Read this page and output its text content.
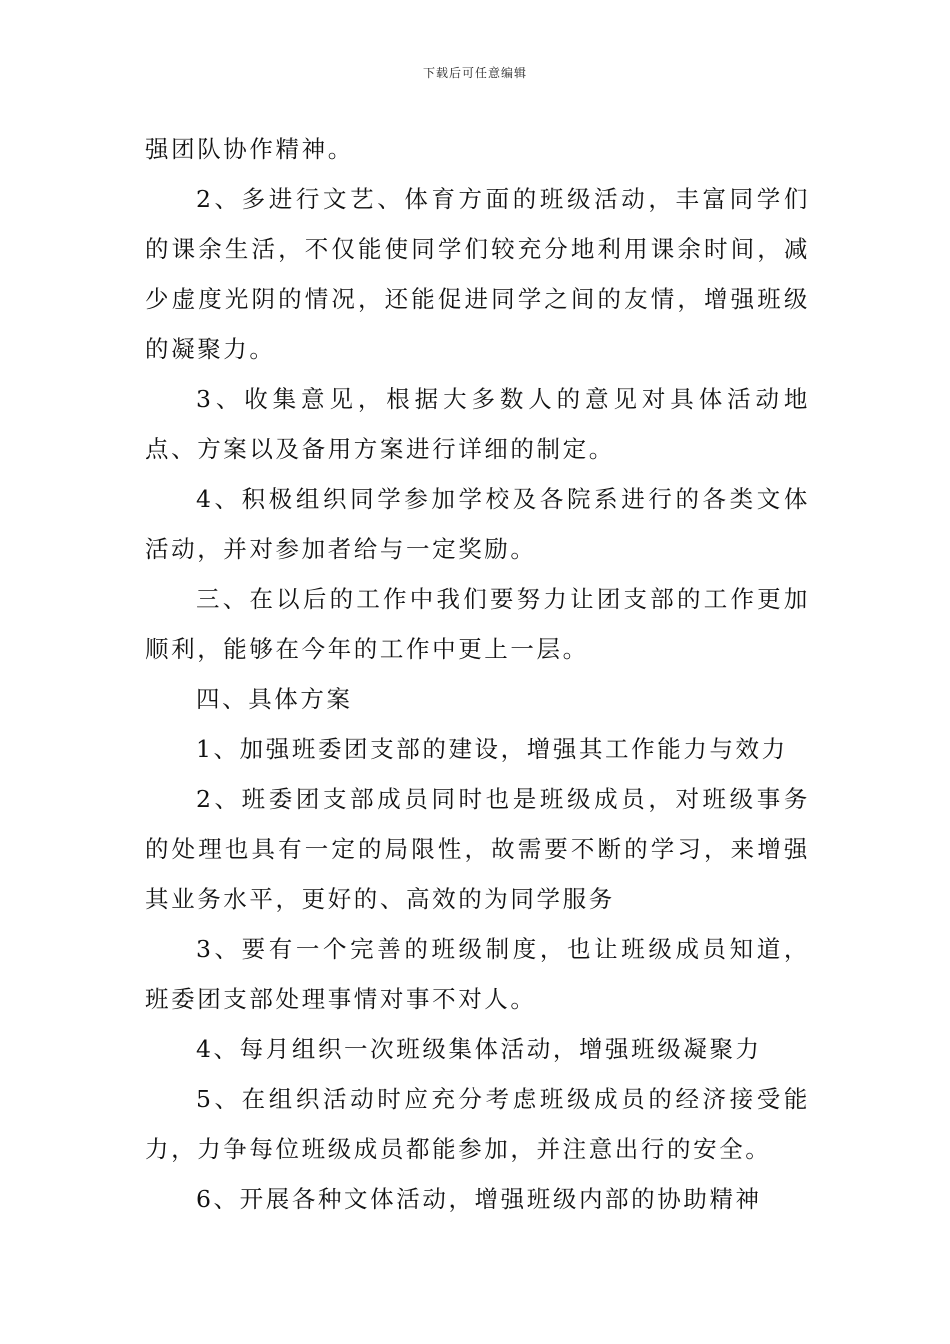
下载后可任意编辑

强团队协作精神。

2、多进行文艺、体育方面的班级活动，丰富同学们的课余生活，不仅能使同学们较充分地利用课余时间，减少虚度光阴的情况，还能促进同学之间的友情，增强班级的凝聚力。

3、收集意见，根据大多数人的意见对具体活动地点、方案以及备用方案进行详细的制定。

4、积极组织同学参加学校及各院系进行的各类文体活动，并对参加者给与一定奖励。

三、在以后的工作中我们要努力让团支部的工作更加顺利，能够在今年的工作中更上一层。

四、具体方案

1、加强班委团支部的建设，增强其工作能力与效力

2、班委团支部成员同时也是班级成员，对班级事务的处理也具有一定的局限性，故需要不断的学习，来增强其业务水平，更好的、高效的为同学服务

3、要有一个完善的班级制度，也让班级成员知道，班委团支部处理事情对事不对人。

4、每月组织一次班级集体活动，增强班级凝聚力

5、在组织活动时应充分考虑班级成员的经济接受能力，力争每位班级成员都能参加，并注意出行的安全。

6、开展各种文体活动，增强班级内部的协助精神
